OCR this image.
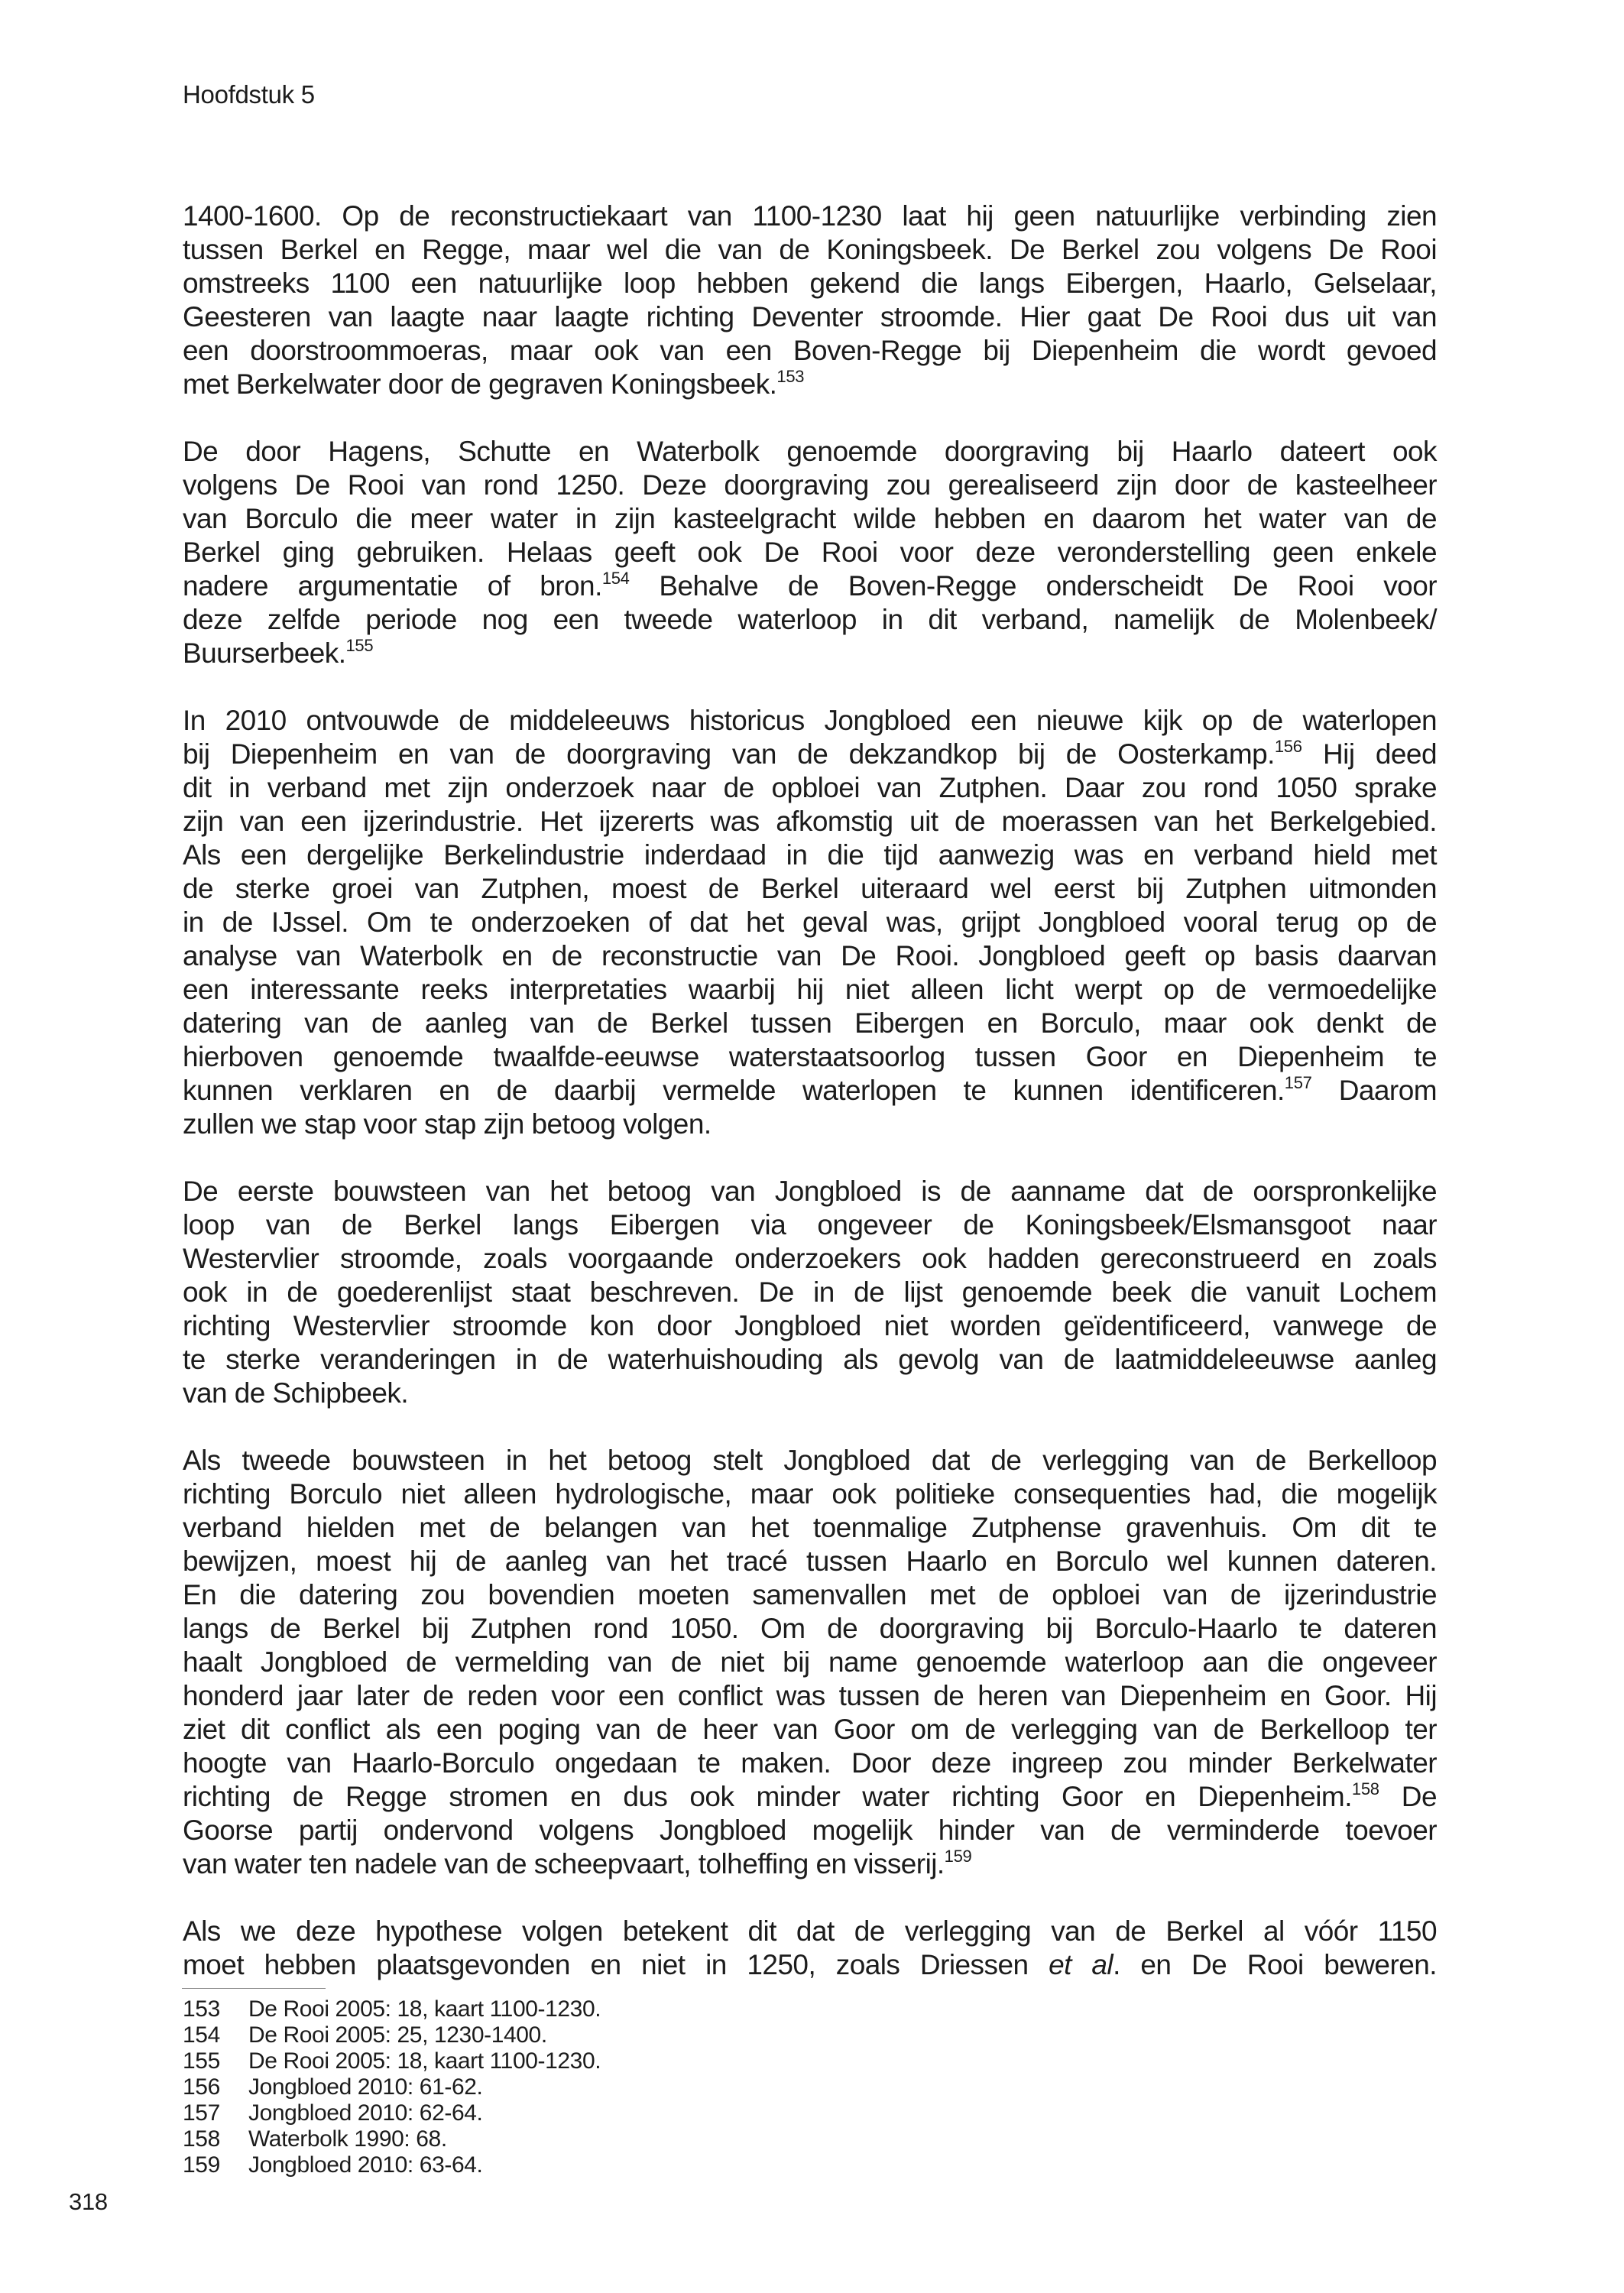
Hoofdstuk 5
1400-1600. Op de reconstructiekaart van 1100-1230 laat hij geen natuurlijke verbinding zien
tussen Berkel en Regge, maar wel die van de Koningsbeek. De Berkel zou volgens De Rooi
omstreeks 1100 een natuurlijke loop hebben gekend die langs Eibergen, Haarlo, Gelselaar,
Geesteren van laagte naar laagte richting Deventer stroomde. Hier gaat De Rooi dus uit van
een doorstroommoeras, maar ook van een Boven-Regge bij Diepenheim die wordt gevoed
met Berkelwater door de gegraven Koningsbeek.$^{153}$
De door Hagens, Schutte en Waterbolk genoemde doorgraving bij Haarlo dateert ook
volgens De Rooi van rond 1250. Deze doorgraving zou gerealiseerd zijn door de kasteelheer
van Borculo die meer water in zijn kasteelgracht wilde hebben en daarom het water van de
Berkel ging gebruiken. Helaas geeft ook De Rooi voor deze veronderstelling geen enkele
nadere argumentatie of bron.$^{154}$ Behalve de Boven-Regge onderscheidt De Rooi voor
deze zelfde periode nog een tweede waterloop in dit verband, namelijk de Molenbeek/
Buurserbeek.$^{155}$
In 2010 ontvouwde de middeleeuws historicus Jongbloed een nieuwe kijk op de waterlopen
bij Diepenheim en van de doorgraving van de dekzandkop bij de Oosterkamp.$^{156}$ Hij deed
dit in verband met zijn onderzoek naar de opbloei van Zutphen. Daar zou rond 1050 sprake
zijn van een ijzerindustrie. Het ijzererts was afkomstig uit de moerassen van het Berkelgebied.
Als een dergelijke Berkelindustrie inderdaad in die tijd aanwezig was en verband hield met
de sterke groei van Zutphen, moest de Berkel uiteraard wel eerst bij Zutphen uitmonden
in de IJssel. Om te onderzoeken of dat het geval was, grijpt Jongbloed vooral terug op de
analyse van Waterbolk en de reconstructie van De Rooi. Jongbloed geeft op basis daarvan
een interessante reeks interpretaties waarbij hij niet alleen licht werpt op de vermoedelijke
datering van de aanleg van de Berkel tussen Eibergen en Borculo, maar ook denkt de
hierboven genoemde twaalfde-eeuwse waterstaatsoorlog tussen Goor en Diepenheim te
kunnen verklaren en de daarbij vermelde waterlopen te kunnen identificeren.$^{157}$ Daarom
zullen we stap voor stap zijn betoog volgen.
De eerste bouwsteen van het betoog van Jongbloed is de aanname dat de oorspronkelijke
loop van de Berkel langs Eibergen via ongeveer de Koningsbeek/Elsmansgoot naar
Westervlier stroomde, zoals voorgaande onderzoekers ook hadden gereconstrueerd en zoals
ook in de goederenlijst staat beschreven. De in de lijst genoemde beek die vanuit Lochem
richting Westervlier stroomde kon door Jongbloed niet worden geïdentificeerd, vanwege de
te sterke veranderingen in de waterhuishouding als gevolg van de laatmiddeleeuwse aanleg
van de Schipbeek.
Als tweede bouwsteen in het betoog stelt Jongbloed dat de verlegging van de Berkelloop
richting Borculo niet alleen hydrologische, maar ook politieke consequenties had, die mogelijk
verband hielden met de belangen van het toenmalige Zutphense gravenhuis. Om dit te
bewijzen, moest hij de aanleg van het tracé tussen Haarlo en Borculo wel kunnen dateren.
En die datering zou bovendien moeten samenvallen met de opbloei van de ijzerindustrie
langs de Berkel bij Zutphen rond 1050. Om de doorgraving bij Borculo-Haarlo te dateren
haalt Jongbloed de vermelding van de niet bij name genoemde waterloop aan die ongeveer
honderd jaar later de reden voor een conflict was tussen de heren van Diepenheim en Goor. Hij
ziet dit conflict als een poging van de heer van Goor om de verlegging van de Berkelloop ter
hoogte van Haarlo-Borculo ongedaan te maken. Door deze ingreep zou minder Berkelwater
richting de Regge stromen en dus ook minder water richting Goor en Diepenheim.$^{158}$ De
Goorse partij ondervond volgens Jongbloed mogelijk hinder van de verminderde toevoer
van water ten nadele van de scheepvaart, tolheffing en visserij.$^{159}$
Als we deze hypothese volgen betekent dit dat de verlegging van de Berkel al vóór 1150
moet hebben plaatsgevonden en niet in 1250, zoals Driessen et al. en De Rooi beweren.
153	De Rooi 2005: 18, kaart 1100-1230.
154	De Rooi 2005: 25, 1230-1400.
155	De Rooi 2005: 18, kaart 1100-1230.
156	Jongbloed 2010: 61-62.
157	Jongbloed 2010: 62-64.
158	Waterbolk 1990: 68.
159	Jongbloed 2010: 63-64.
318
